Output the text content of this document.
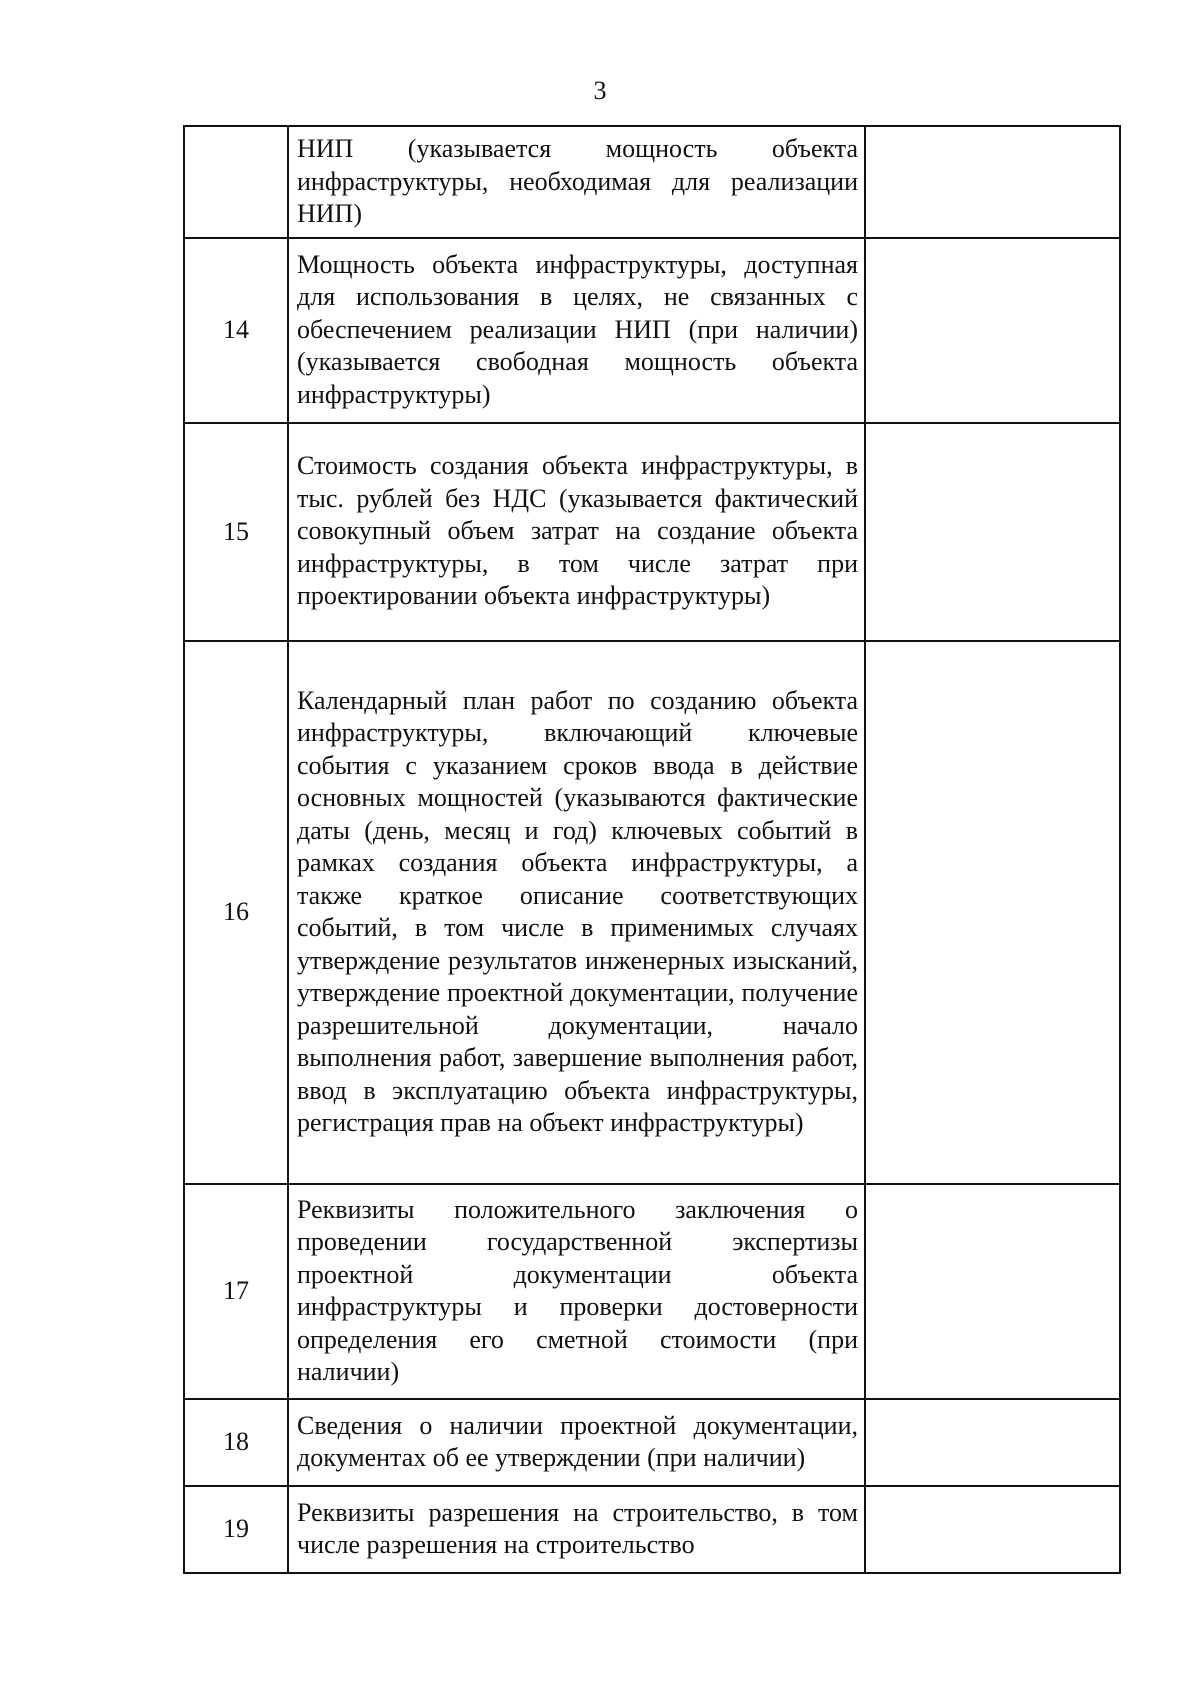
3
	НИП (указывается мощность объекта инфраструктуры, необходимая для реализации НИП)	
14	Мощность объекта инфраструктуры, доступная для использования в целях, не связанных с обеспечением реализации НИП (при наличии) (указывается свободная мощность объекта инфраструктуры)	
15	Стоимость создания объекта инфраструктуры, в тыс. рублей без НДС (указывается фактический совокупный объем затрат на создание объекта инфраструктуры, в том числе затрат при проектировании объекта инфраструктуры)	
16	Календарный план работ по созданию объекта инфраструктуры, включающий ключевые события с указанием сроков ввода в действие основных мощностей (указываются фактические даты (день, месяц и год) ключевых событий в рамках создания объекта инфраструктуры, а также краткое описание соответствующих событий, в том числе в применимых случаях утверждение результатов инженерных изысканий, утверждение проектной документации, получение разрешительной документации, начало выполнения работ, завершение выполнения работ, ввод в эксплуатацию объекта инфраструктуры, регистрация прав на объект инфраструктуры)	
17	Реквизиты положительного заключения о проведении государственной экспертизы проектной документации объекта инфраструктуры и проверки достоверности определения его сметной стоимости (при наличии)	
18	Сведения о наличии проектной документации, документах об ее утверждении (при наличии)	
19	Реквизиты разрешения на строительство, в том числе разрешения на строительство	
